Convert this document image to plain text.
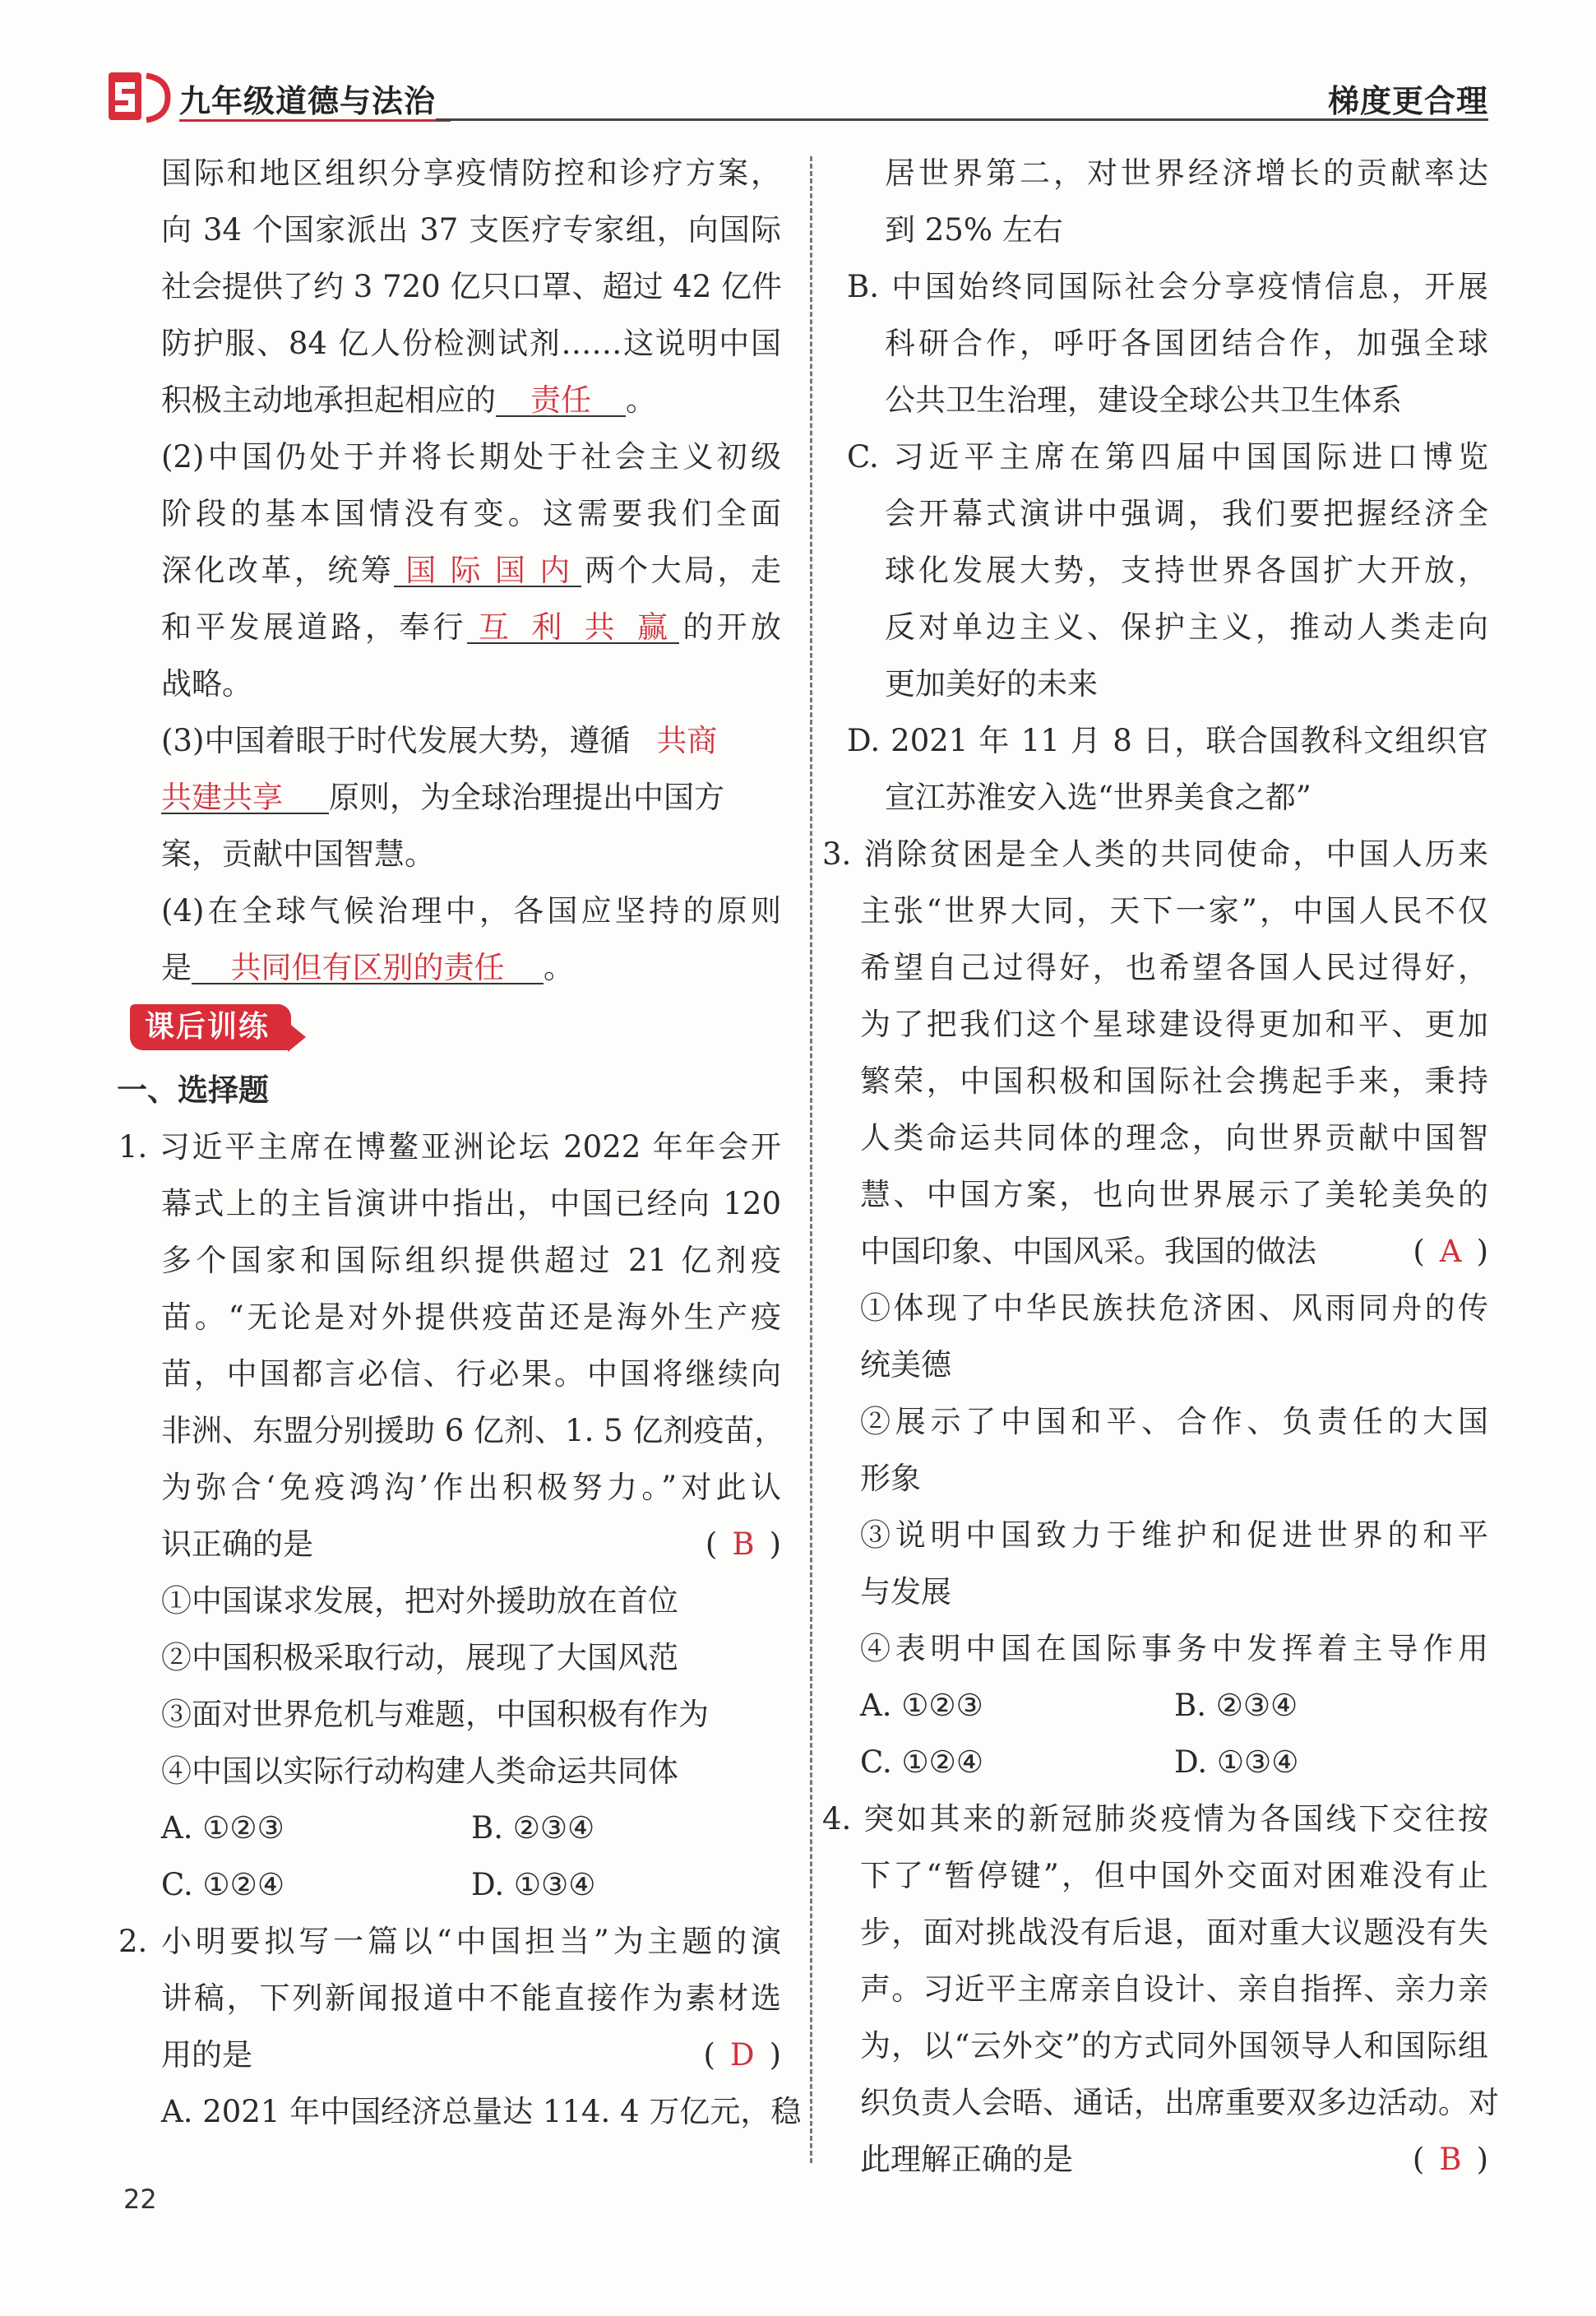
九年级道德与法治	梯度更合理
国际和地区组织分享疫情防控和诊疗方案，
向 34 个国家派出 37 支医疗专家组，向国际
社会提供了约 3 720 亿只口罩、超过 42 亿件
防护服、84 亿人份检测试剂……这说明中国
积极主动地承担起相应的 责任 。
(2)中国仍处于并将长期处于社会主义初级
阶段的基本国情没有变。这需要我们全面
深化改革，统筹 国际国内 两个大局，走
和平发展道路，奉行 互利共赢 的开放
战略。
(3)中国着眼于时代发展大势，遵循 共商
共建共享 原则，为全球治理提出中国方
案，贡献中国智慧。
(4)在全球气候治理中，各国应坚持的原则
是 共同但有区别的责任 。
课后训练
一、选择题
1. 习近平主席在博鳌亚洲论坛 2022 年年会开
幕式上的主旨演讲中指出，中国已经向 120
多个国家和国际组织提供超过 21 亿剂疫
苗。“无论是对外提供疫苗还是海外生产疫
苗，中国都言必信、行必果。中国将继续向
非洲、东盟分别援助 6 亿剂、1. 5 亿剂疫苗，
为弥合‘免疫鸿沟’作出积极努力。”对此认
识正确的是	( B )
①中国谋求发展，把对外援助放在首位
②中国积极采取行动，展现了大国风范
③面对世界危机与难题，中国积极有作为
④中国以实际行动构建人类命运共同体
A. ①②③	B. ②③④
C. ①②④	D. ①③④
2. 小明要拟写一篇以“中国担当”为主题的演
讲稿，下列新闻报道中不能直接作为素材选
用的是	( D )
A. 2021 年中国经济总量达 114. 4 万亿元，稳
居世界第二，对世界经济增长的贡献率达
到 25% 左右
B. 中国始终同国际社会分享疫情信息，开展
科研合作，呼吁各国团结合作，加强全球
公共卫生治理，建设全球公共卫生体系
C. 习近平主席在第四届中国国际进口博览
会开幕式演讲中强调，我们要把握经济全
球化发展大势，支持世界各国扩大开放，
反对单边主义、保护主义，推动人类走向
更加美好的未来
D. 2021 年 11 月 8 日，联合国教科文组织官
宣江苏淮安入选“世界美食之都”
3. 消除贫困是全人类的共同使命，中国人历来
主张“世界大同，天下一家”，中国人民不仅
希望自己过得好，也希望各国人民过得好，
为了把我们这个星球建设得更加和平、更加
繁荣，中国积极和国际社会携起手来，秉持
人类命运共同体的理念，向世界贡献中国智
慧、中国方案，也向世界展示了美轮美奂的
中国印象、中国风采。我国的做法	( A )
①体现了中华民族扶危济困、风雨同舟的传
统美德
②展示了中国和平、合作、负责任的大国
形象
③说明中国致力于维护和促进世界的和平
与发展
④表明中国在国际事务中发挥着主导作用
A. ①②③	B. ②③④
C. ①②④	D. ①③④
4. 突如其来的新冠肺炎疫情为各国线下交往按
下了“暂停键”，但中国外交面对困难没有止
步，面对挑战没有后退，面对重大议题没有失
声。习近平主席亲自设计、亲自指挥、亲力亲
为，以“云外交”的方式同外国领导人和国际组
织负责人会晤、通话，出席重要双多边活动。对
此理解正确的是	( B )
22
